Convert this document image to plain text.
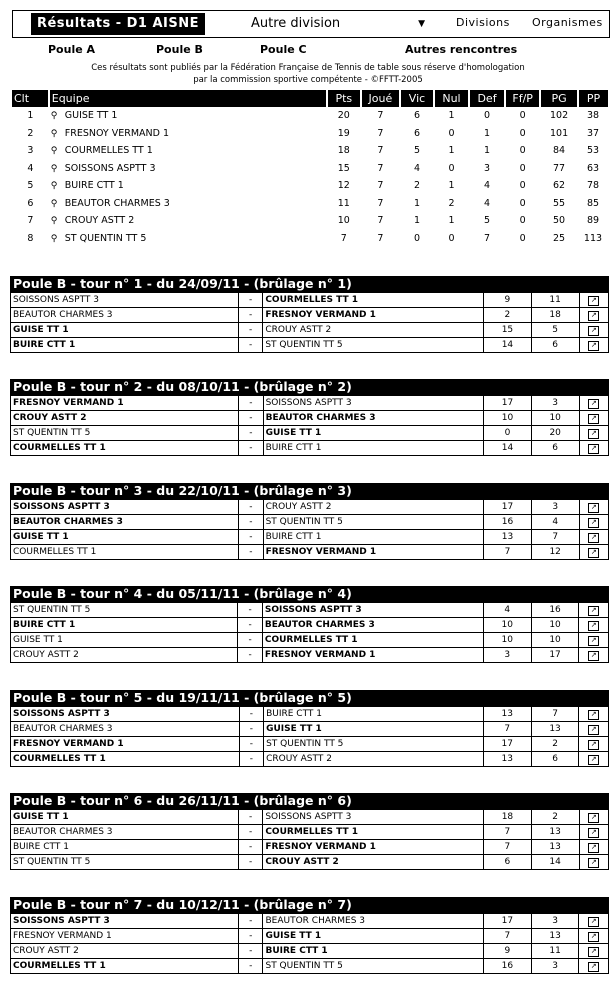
Résultats - D1 AISNE	Autre division	▼	Divisions Organismes
Poule A	Poule B	Poule C	Autres rencontres
Ces résultats sont publiés par la Fédération Française de Tennis de table sous réserve d'homologation
par la commission sportive compétente - ©FFTT-2005
Clt	Equipe	Pts	Joué	Vic	Nul	Def	Ff/P	PG	PP
1	⚲ GUISE TT 1	20	7	6	1	0	0	102	38
2	⚲ FRESNOY VERMAND 1	19	7	6	0	1	0	101	37
3	⚲ COURMELLES TT 1	18	7	5	1	1	0	84	53
4	⚲ SOISSONS ASPTT 3	15	7	4	0	3	0	77	63
5	⚲ BUIRE CTT 1	12	7	2	1	4	0	62	78
6	⚲ BEAUTOR CHARMES 3	11	7	1	2	4	0	55	85
7	⚲ CROUY ASTT 2	10	7	1	1	5	0	50	89
8	⚲ ST QUENTIN TT 5	7	7	0	0	7	0	25	113
Poule B - tour n° 1 - du 24/09/11 - (brûlage n° 1)
SOISSONS ASPTT 3	-	COURMELLES TT 1	9	11	↗
BEAUTOR CHARMES 3	-	FRESNOY VERMAND 1	2	18	↗
GUISE TT 1	-	CROUY ASTT 2	15	5	↗
BUIRE CTT 1	-	ST QUENTIN TT 5	14	6	↗
Poule B - tour n° 2 - du 08/10/11 - (brûlage n° 2)
FRESNOY VERMAND 1	-	SOISSONS ASPTT 3	17	3	↗
CROUY ASTT 2	-	BEAUTOR CHARMES 3	10	10	↗
ST QUENTIN TT 5	-	GUISE TT 1	0	20	↗
COURMELLES TT 1	-	BUIRE CTT 1	14	6	↗
Poule B - tour n° 3 - du 22/10/11 - (brûlage n° 3)
SOISSONS ASPTT 3	-	CROUY ASTT 2	17	3	↗
BEAUTOR CHARMES 3	-	ST QUENTIN TT 5	16	4	↗
GUISE TT 1	-	BUIRE CTT 1	13	7	↗
COURMELLES TT 1	-	FRESNOY VERMAND 1	7	12	↗
Poule B - tour n° 4 - du 05/11/11 - (brûlage n° 4)
ST QUENTIN TT 5	-	SOISSONS ASPTT 3	4	16	↗
BUIRE CTT 1	-	BEAUTOR CHARMES 3	10	10	↗
GUISE TT 1	-	COURMELLES TT 1	10	10	↗
CROUY ASTT 2	-	FRESNOY VERMAND 1	3	17	↗
Poule B - tour n° 5 - du 19/11/11 - (brûlage n° 5)
SOISSONS ASPTT 3	-	BUIRE CTT 1	13	7	↗
BEAUTOR CHARMES 3	-	GUISE TT 1	7	13	↗
FRESNOY VERMAND 1	-	ST QUENTIN TT 5	17	2	↗
COURMELLES TT 1	-	CROUY ASTT 2	13	6	↗
Poule B - tour n° 6 - du 26/11/11 - (brûlage n° 6)
GUISE TT 1	-	SOISSONS ASPTT 3	18	2	↗
BEAUTOR CHARMES 3	-	COURMELLES TT 1	7	13	↗
BUIRE CTT 1	-	FRESNOY VERMAND 1	7	13	↗
ST QUENTIN TT 5	-	CROUY ASTT 2	6	14	↗
Poule B - tour n° 7 - du 10/12/11 - (brûlage n° 7)
SOISSONS ASPTT 3	-	BEAUTOR CHARMES 3	17	3	↗
FRESNOY VERMAND 1	-	GUISE TT 1	7	13	↗
CROUY ASTT 2	-	BUIRE CTT 1	9	11	↗
COURMELLES TT 1	-	ST QUENTIN TT 5	16	3	↗
